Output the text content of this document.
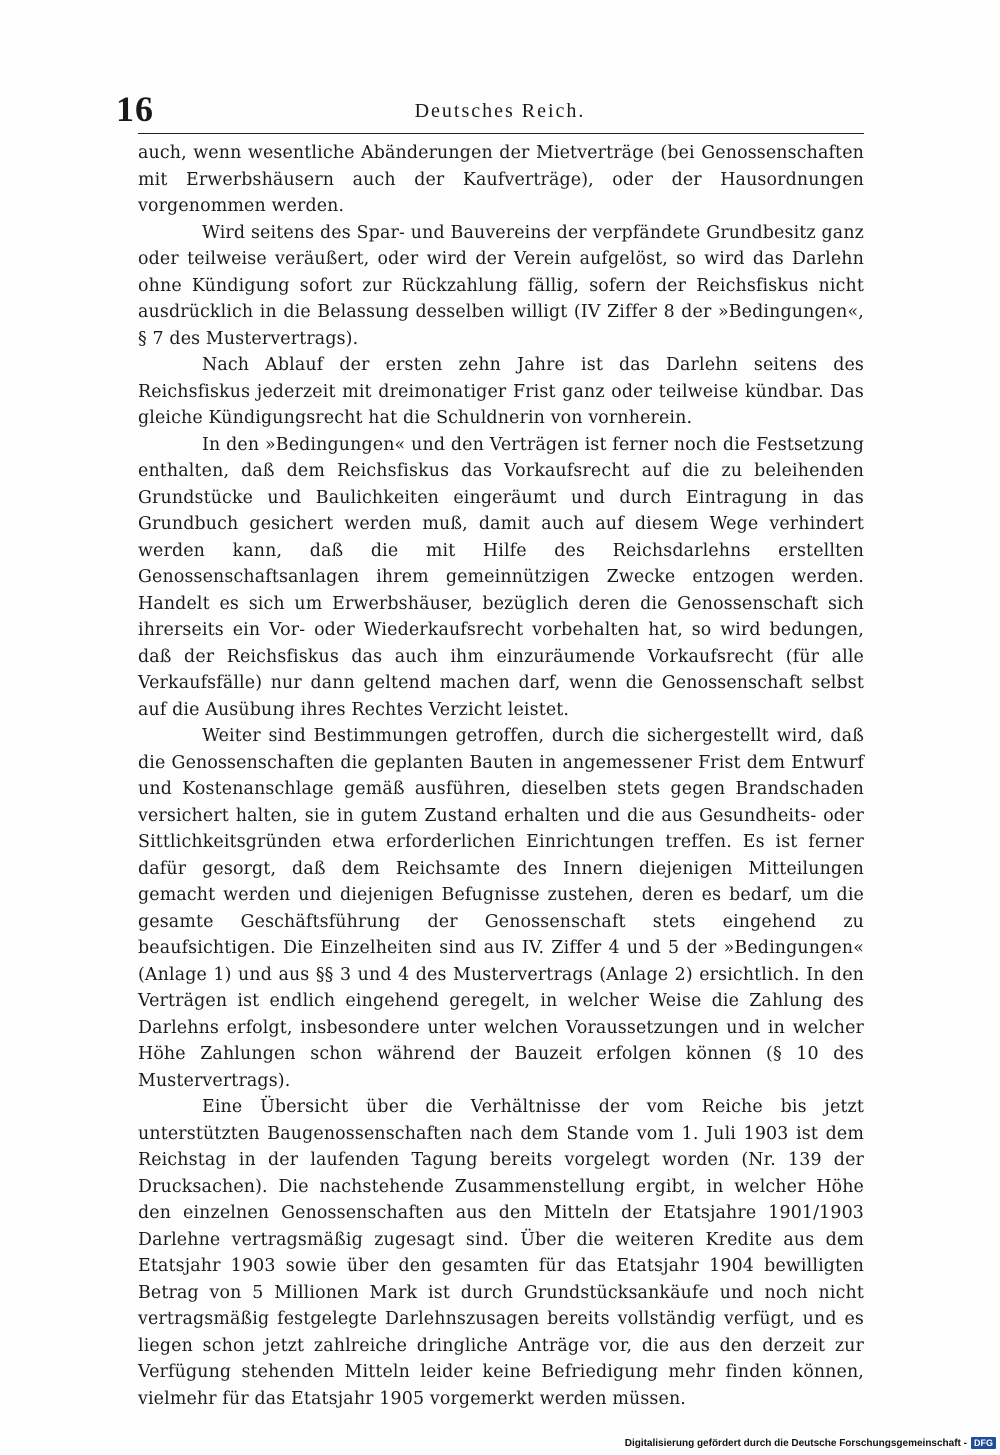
16	Deutsches Reich.

auch, wenn wesentliche Abänderungen der Mietverträge (bei Genossenschaften mit Erwerbshäusern auch der Kaufverträge), oder der Hausordnungen vorgenommen werden.

Wird seitens des Spar- und Bauvereins der verpfändete Grundbesitz ganz oder teilweise veräußert, oder wird der Verein aufgelöst, so wird das Darlehn ohne Kündigung sofort zur Rückzahlung fällig, sofern der Reichsfiskus nicht ausdrücklich in die Belassung desselben willigt (IV Ziffer 8 der »Bedingungen«, § 7 des Mustervertrags).

Nach Ablauf der ersten zehn Jahre ist das Darlehn seitens des Reichsfiskus jederzeit mit dreimonatiger Frist ganz oder teilweise kündbar. Das gleiche Kündigungsrecht hat die Schuldnerin von vornherein.

In den »Bedingungen« und den Verträgen ist ferner noch die Festsetzung enthalten, daß dem Reichsfiskus das Vorkaufsrecht auf die zu beleihenden Grundstücke und Baulichkeiten eingeräumt und durch Eintragung in das Grundbuch gesichert werden muß, damit auch auf diesem Wege verhindert werden kann, daß die mit Hilfe des Reichsdarlehns erstellten Genossenschaftsanlagen ihrem gemeinnützigen Zwecke entzogen werden. Handelt es sich um Erwerbshäuser, bezüglich deren die Genossenschaft sich ihrerseits ein Vor- oder Wiederkaufsrecht vorbehalten hat, so wird bedungen, daß der Reichsfiskus das auch ihm einzuräumende Vorkaufsrecht (für alle Verkaufsfälle) nur dann geltend machen darf, wenn die Genossenschaft selbst auf die Ausübung ihres Rechtes Verzicht leistet.

Weiter sind Bestimmungen getroffen, durch die sichergestellt wird, daß die Genossenschaften die geplanten Bauten in angemessener Frist dem Entwurf und Kostenanschlage gemäß ausführen, dieselben stets gegen Brandschaden versichert halten, sie in gutem Zustand erhalten und die aus Gesundheits- oder Sittlichkeitsgründen etwa erforderlichen Einrichtungen treffen. Es ist ferner dafür gesorgt, daß dem Reichsamte des Innern diejenigen Mitteilungen gemacht werden und diejenigen Befugnisse zustehen, deren es bedarf, um die gesamte Geschäftsführung der Genossenschaft stets eingehend zu beaufsichtigen. Die Einzelheiten sind aus IV. Ziffer 4 und 5 der »Bedingungen« (Anlage 1) und aus §§ 3 und 4 des Mustervertrags (Anlage 2) ersichtlich. In den Verträgen ist endlich eingehend geregelt, in welcher Weise die Zahlung des Darlehns erfolgt, insbesondere unter welchen Voraussetzungen und in welcher Höhe Zahlungen schon während der Bauzeit erfolgen können (§ 10 des Mustervertrags).

Eine Übersicht über die Verhältnisse der vom Reiche bis jetzt unterstützten Baugenossenschaften nach dem Stande vom 1. Juli 1903 ist dem Reichstag in der laufenden Tagung bereits vorgelegt worden (Nr. 139 der Drucksachen). Die nachstehende Zusammenstellung ergibt, in welcher Höhe den einzelnen Genossenschaften aus den Mitteln der Etatsjahre 1901/1903 Darlehne vertragsmäßig zugesagt sind. Über die weiteren Kredite aus dem Etatsjahr 1903 sowie über den gesamten für das Etatsjahr 1904 bewilligten Betrag von 5 Millionen Mark ist durch Grundstücksankäufe und noch nicht vertragsmäßig festgelegte Darlehnszusagen bereits vollständig verfügt, und es liegen schon jetzt zahlreiche dringliche Anträge vor, die aus den derzeit zur Verfügung stehenden Mitteln leider keine Befriedigung mehr finden können, vielmehr für das Etatsjahr 1905 vorgemerkt werden müssen.

Digitalisierung gefördert durch die Deutsche Forschungsgemeinschaft - DFG
